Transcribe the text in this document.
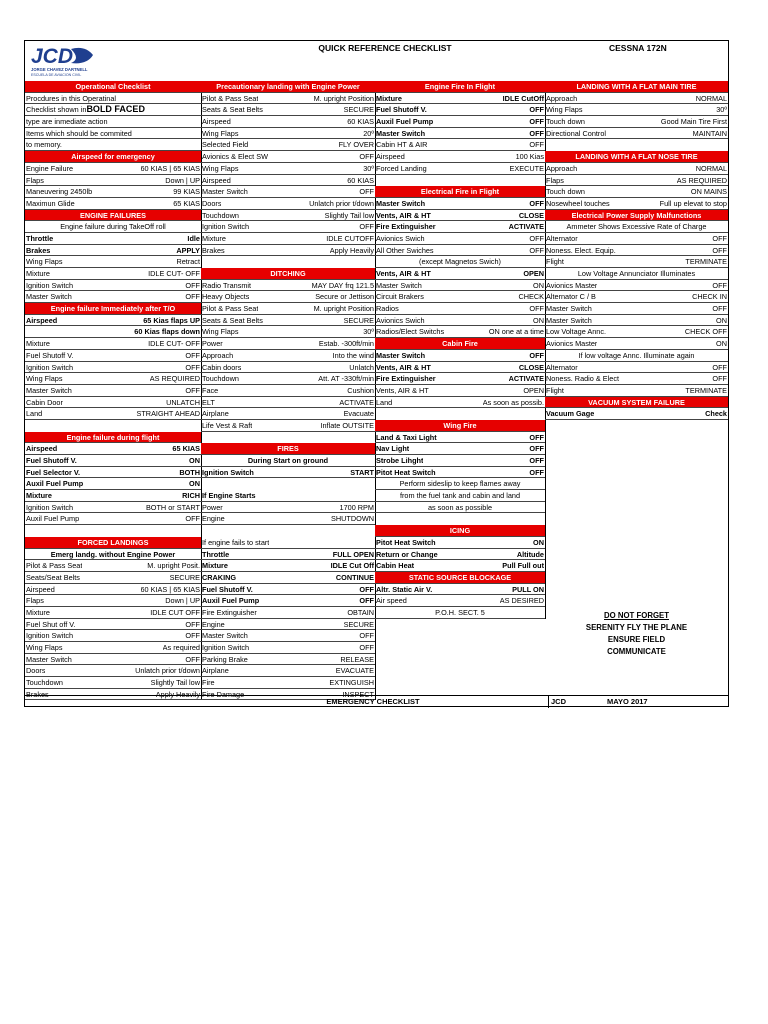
JCD
JORGE CHAVEZ DARTNELL
ESCUELA DE AVIACION CIVIL
QUICK REFERENCE CHECKLIST	CESSNA 172N
Operational Checklist
Procdures in this Operatinal
Checklist shown in BOLD FACED
type are inmediate action
Items which should be commited
to memory.
Airspeed for emergency
Engine Failure	60 KIAS | 65 KIAS
Flaps	Down | UP
Maneuvering 2450lb	99 KIAS
Maximun Glide	65 KIAS
ENGINE FAILURES
Engine failure during TakeOff roll
Throttle	Idle
Brakes	APPLY
Wing Flaps	Retract
Mixture	IDLE CUT- OFF
Ignition Switch	OFF
Master Switch	OFF
Engine failure Immediately after T/O
Airspeed	65 Kias flaps UP
60 Kias flaps down
Mixture	IDLE CUT- OFF
Fuel Shutoff V.	OFF
Ignition Switch	OFF
Wing Flaps	AS REQUIRED
Master Switch	OFF
Cabin Door	UNLATCH
Land	STRAIGHT AHEAD
Engine failure during flight
Airspeed	65 KIAS
Fuel Shutoff V.	ON
Fuel Selector V.	BOTH
Auxil Fuel Pump	ON
Mixture	RICH
Ignition Switch	BOTH or START
Auxil Fuel Pump	OFF
FORCED LANDINGS
Emerg landg. without Engine Power
Pilot & Pass Seat	M. upright Posit.
Seats/Seat Belts	SECURE
Airspeed	60 KIAS | 65 KIAS
Flaps	Down | UP
Mixture	IDLE CUT OFF
Fuel Shut off V.	OFF
Ignition Switch	OFF
Wing Flaps	As required
Master Switch	OFF
Doors	Unlatch prior t/down
Touchdown	Slightly Tail low
Brakes	Apply Heavily
Precautionary landing with Engine Power
Pilot & Pass Seat	M. upright Position
Seats & Seat Belts	SECURE
Airspeed	60 KIAS
Wing Flaps	20º
Selected Field	FLY OVER
Avionics & Elect SW	OFF
Wing Flaps	30º
Airspeed	60 KIAS
Master Switch	OFF
Doors	Unlatch prior t/down
Touchdown	Slightly Tail low
Ignition Switch	OFF
Mixture	IDLE CUTOFF
Brakes	Apply Heavily
DITCHING
Radio Transmit	MAY DAY frq 121.5
Heavy Objects	Secure or Jettison
Pilot & Pass Seat	M. upright Position
Seats & Seat Belts	SECURE
Wing Flaps	30º
Power	Estab. -300ft/min
Approach	Into the wind
Cabin doors	Unlatch
Touchdown	Att. AT -330ft/min
Face	Cushion
ELT	ACTIVATE
Airplane	Evacuate
Life Vest & Raft	Inflate OUTSITE
FIRES
During Start on ground
Ignition Switch	START
If Engine Starts
Power	1700 RPM
Engine	SHUTDOWN
If engine fails to start
Throttle	FULL OPEN
Mixture	IDLE Cut Off
CRAKING	CONTINUE
Fuel Shutoff V.	OFF
Auxil Fuel Pump	OFF
Fire Extinguisher	OBTAIN
Engine	SECURE
Master Switch	OFF
Ignition Switch	OFF
Parking Brake	RELEASE
Airplane	EVACUATE
Fire	EXTINGUISH
Fire Damage	INSPECT
Engine Fire In Flight
Mixture	IDLE CutOff
Fuel Shutoff V.	OFF
Auxil Fuel Pump	OFF
Master Switch	OFF
Cabin HT & AIR	OFF
Airspeed	100 Kias
Forced Landing	EXECUTE
Electrical Fire in Flight
Master Switch	OFF
Vents, AIR & HT	CLOSE
Fire Extinguisher	ACTIVATE
Avionics Swich	OFF
All Other Swiches	OFF
(except Magnetos Swich)
Vents, AIR & HT	OPEN
Master Switch	ON
Circuit Brakers	CHECK
Radios	OFF
Avionics Swich	ON
Radios/Elect Switchs	ON one at a time
Cabin Fire
Master Switch	OFF
Vents, AIR & HT	CLOSE
Fire Extinguisher	ACTIVATE
Vents, AIR & HT	OPEN
Land	As soon as possib.
Wing Fire
Land & Taxi Light	OFF
Nav Light	OFF
Strobe Lihght	OFF
Pitot Heat Switch	OFF
Perform sideslip to keep flames away
from the fuel tank and cabin and land
as soon as possible
ICING
Pitot Heat Switch	ON
Return or Change	Altitude
Cabin Heat	Pull Full out
STATIC SOURCE BLOCKAGE
Altr. Static Air V.	PULL ON
Air speed	AS DESIRED
P.O.H. SECT. 5
LANDING WITH A FLAT MAIN TIRE
Approach	NORMAL
Wing Flaps	30º
Touch down	Good Main Tire First
Directional Control	MAINTAIN
LANDING WITH A FLAT NOSE TIRE
Approach	NORMAL
Flaps	AS REQUIRED
Touch down	ON MAINS
Nosewheel touches	Full up elevat to stop
Electrical Power Supply Malfunctions
Ammeter Shows Excessive Rate of Charge
Alternator	OFF
Noness. Elect. Equip.	OFF
Flight	TERMINATE
Low Voltage Annunciator Illuminates
Avionics Master	OFF
Alternator C / B	CHECK IN
Master Switch	OFF
Master Switch	ON
Low Voltage Annc.	CHECK OFF
Avionics Master	ON
If low voltage Annc. Illuminate again
Alternator	OFF
Noness. Radio & Elect	OFF
Flight	TERMINATE
VACUUM SYSTEM FAILURE
Vacuum Gage	Check
DO NOT FORGET
SERENITY FLY THE PLANE
ENSURE FIELD
COMMUNICATE
EMERGENCY CHECKLIST	JCD	MAYO 2017
